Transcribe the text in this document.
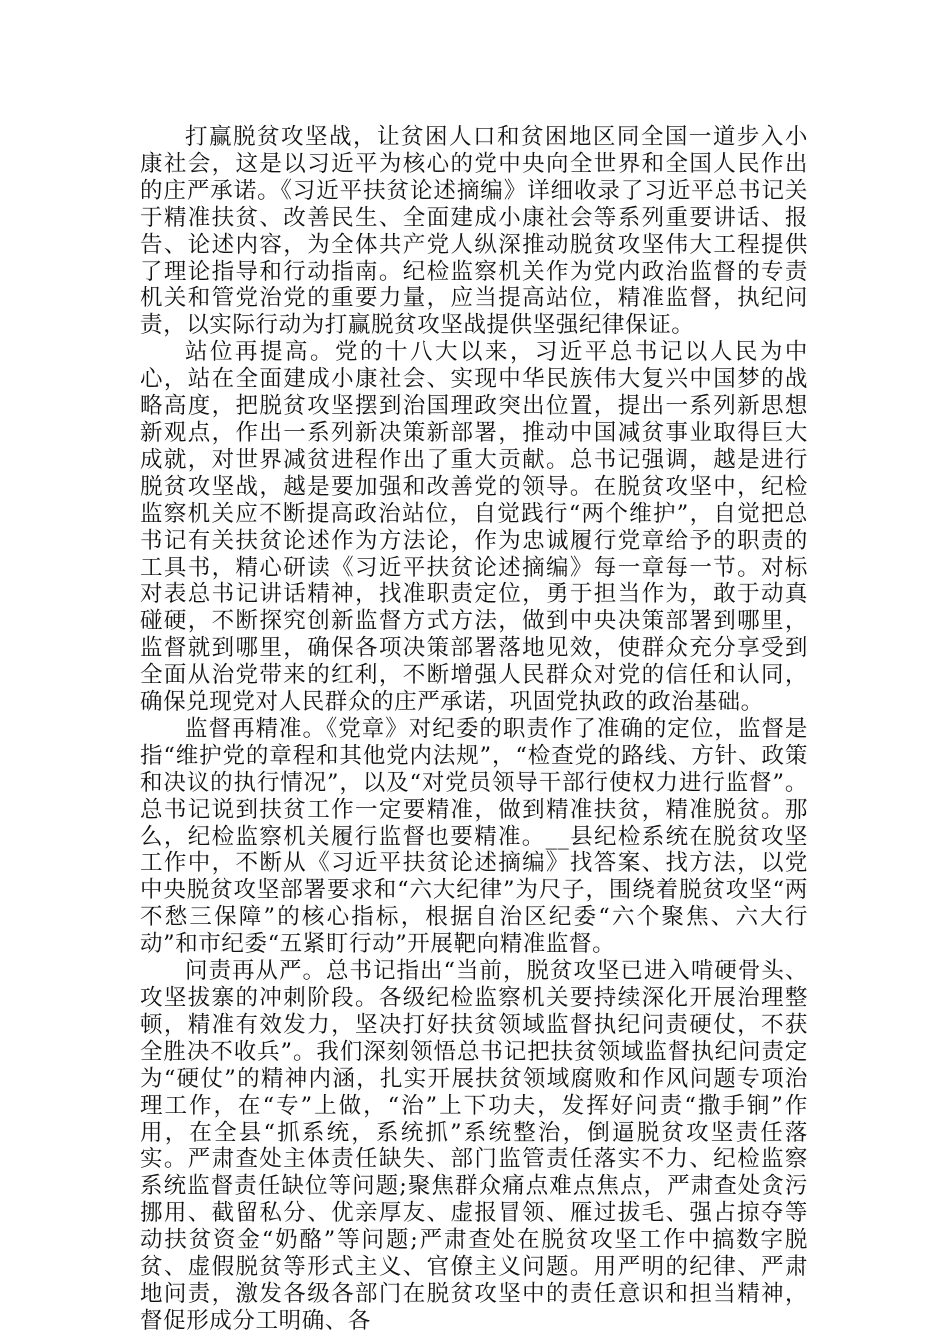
打赢脱贫攻坚战，让贫困人口和贫困地区同全国一道步入小康社会，这是以习近平为核心的党中央向全世界和全国人民作出的庄严承诺。《习近平扶贫论述摘编》详细收录了习近平总书记关于精准扶贫、改善民生、全面建成小康社会等系列重要讲话、报告、论述内容，为全体共产党人纵深推动脱贫攻坚伟大工程提供了理论指导和行动指南。纪检监察机关作为党内政治监督的专责机关和管党治党的重要力量，应当提高站位，精准监督，执纪问责，以实际行动为打赢脱贫攻坚战提供坚强纪律保证。

站位再提高。党的十八大以来，习近平总书记以人民为中心，站在全面建成小康社会、实现中华民族伟大复兴中国梦的战略高度，把脱贫攻坚摆到治国理政突出位置，提出一系列新思想新观点，作出一系列新决策新部署，推动中国减贫事业取得巨大成就，对世界减贫进程作出了重大贡献。总书记强调，越是进行脱贫攻坚战，越是要加强和改善党的领导。在脱贫攻坚中，纪检监察机关应不断提高政治站位，自觉践行“两个维护”，自觉把总书记有关扶贫论述作为方法论，作为忠诚履行党章给予的职责的工具书，精心研读《习近平扶贫论述摘编》每一章每一节。对标对表总书记讲话精神，找准职责定位，勇于担当作为，敢于动真碰硬，不断探究创新监督方式方法，做到中央决策部署到哪里，监督就到哪里，确保各项决策部署落地见效，使群众充分享受到全面从治党带来的红利，不断增强人民群众对党的信任和认同，确保兑现党对人民群众的庄严承诺，巩固党执政的政治基础。

监督再精准。《党章》对纪委的职责作了准确的定位，监督是指“维护党的章程和其他党内法规”，“检查党的路线、方针、政策和决议的执行情况”，以及“对党员领导干部行使权力进行监督”。总书记说到扶贫工作一定要精准，做到精准扶贫，精准脱贫。那么，纪检监察机关履行监督也要精准。__县纪检系统在脱贫攻坚工作中，不断从《习近平扶贫论述摘编》找答案、找方法，以党中央脱贫攻坚部署要求和“六大纪律”为尺子，围绕着脱贫攻坚“两不愁三保障”的核心指标，根据自治区纪委“六个聚焦、六大行动”和市纪委“五紧盯行动”开展靶向精准监督。

问责再从严。总书记指出“当前，脱贫攻坚已进入啃硬骨头、攻坚拔寨的冲刺阶段。各级纪检监察机关要持续深化开展治理整顿，精准有效发力，坚决打好扶贫领域监督执纪问责硬仗，不获全胜决不收兵”。我们深刻领悟总书记把扶贫领域监督执纪问责定为“硬仗”的精神内涵，扎实开展扶贫领域腐败和作风问题专项治理工作，在“专”上做，“治”上下功夫，发挥好问责“撒手锏”作用，在全县“抓系统，系统抓”系统整治，倒逼脱贫攻坚责任落实。严肃查处主体责任缺失、部门监管责任落实不力、纪检监察系统监督责任缺位等问题;聚焦群众痛点难点焦点，严肃查处贪污挪用、截留私分、优亲厚友、虚报冒领、雁过拔毛、强占掠夺等动扶贫资金“奶酪”等问题;严肃查处在脱贫攻坚工作中搞数字脱贫、虚假脱贫等形式主义、官僚主义问题。用严明的纪律、严肃地问责，激发各级各部门在脱贫攻坚中的责任意识和担当精神，督促形成分工明确、各
